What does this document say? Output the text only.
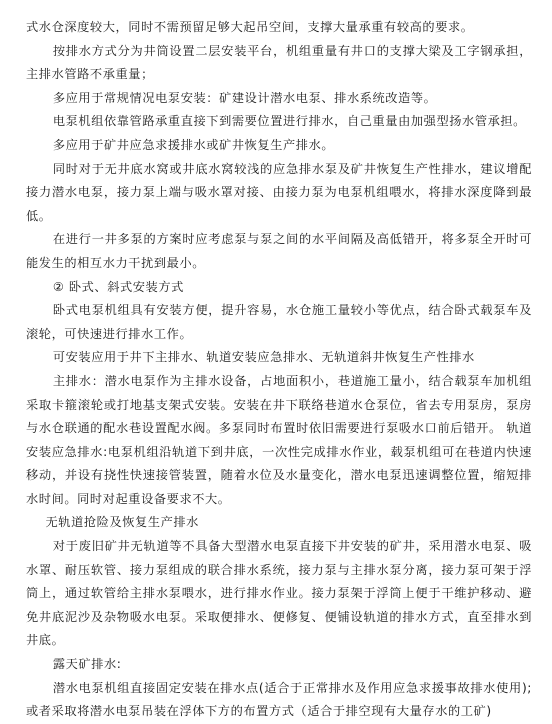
式水仓深度较大，同时不需预留足够大起吊空间，支撑大量承重有较高的要求。

按排水方式分为井筒设置二层安装平台，机组重量有井口的支撑大梁及工字钢承担，主排水管路不承重量；

多应用于常规情况电泵安装：矿建设计潜水电泵、排水系统改造等。

电泵机组依靠管路承重直接下到需要位置进行排水，自己重量由加强型扬水管承担。

多应用于矿井应急求援排水或矿井恢复生产排水。

同时对于无井底水窝或井底水窝较浅的应急排水泵及矿井恢复生产性排水，建议增配接力潜水电泵，接力泵上端与吸水罩对接、由接力泵为电泵机组喂水，将排水深度降到最低。

在进行一井多泵的方案时应考虑泵与泵之间的水平间隔及高低错开，将多泵全开时可能发生的相互水力干扰到最小。

② 卧式、斜式安装方式

卧式电泵机组具有安装方便，提升容易，水仓施工量较小等优点，结合卧式载泵车及滚轮，可快速进行排水工作。

可安装应用于井下主排水、轨道安装应急排水、无轨道斜井恢复生产性排水

主排水：潜水电泵作为主排水设备，占地面积小，巷道施工量小，结合载泵车加机组采取卡箍滚轮或打地基支架式安装。安装在井下联络巷道水仓泵位，省去专用泵房，泵房与水仓联通的配水巷设置配水阀。多泵同时布置时依旧需要进行泵吸水口前后错开。 轨道安装应急排水:电泵机组沿轨道下到井底，一次性完成排水作业，载泵机组可在巷道内快速移动，并设有挠性快速接管装置，随着水位及水量变化，潜水电泵迅速调整位置，缩短排水时间。同时对起重设备要求不大。

无轨道抢险及恢复生产排水

对于废旧矿井无轨道等不具备大型潜水电泵直接下井安装的矿井，采用潜水电泵、吸水罩、耐压软管、接力泵组成的联合排水系统，接力泵与主排水泵分离，接力泵可架于浮筒上，通过软管给主排水泵喂水，进行排水作业。接力泵架于浮筒上便于干维护移动、避免井底泥沙及杂物吸水电泵。采取便排水、便修复、便铺设轨道的排水方式，直至排水到井底。

露天矿排水:

潜水电泵机组直接固定安装在排水点(适合于正常排水及作用应急求援事故排水使用);或者采取将潜水电泵吊装在浮体下方的布置方式（适合于排空现有大量存水的工矿)
